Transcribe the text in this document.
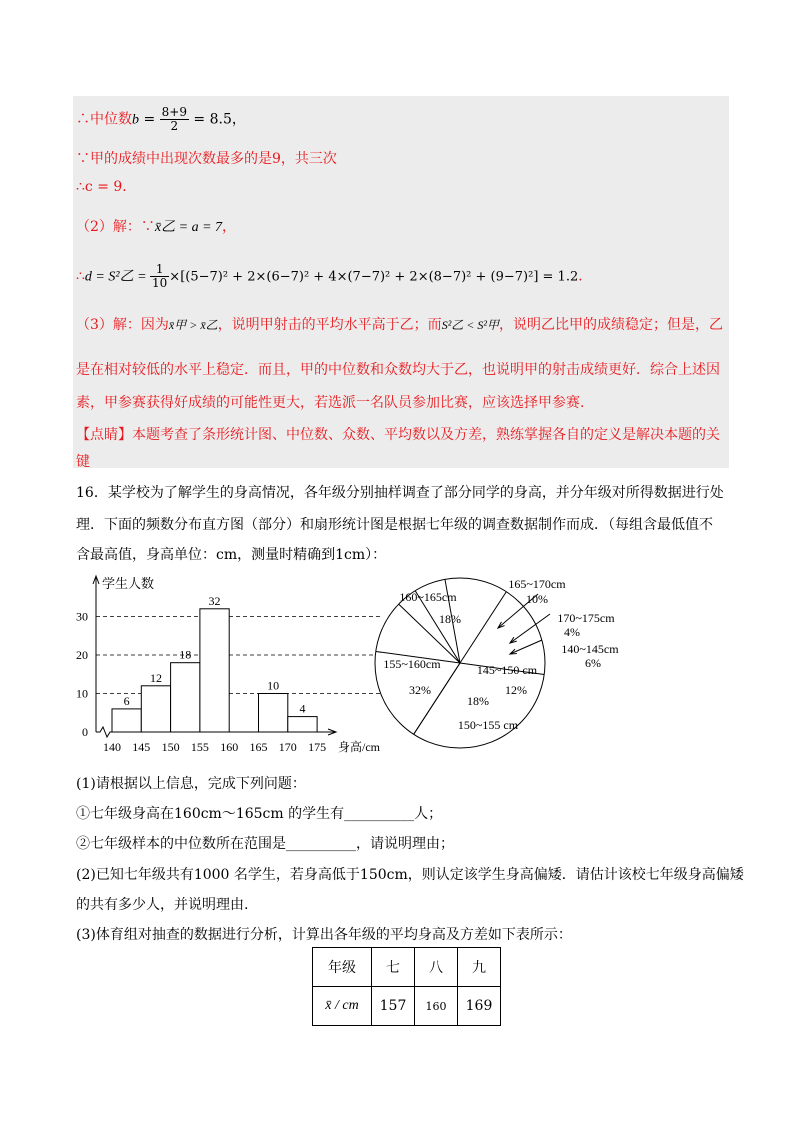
∴中位数$b = \frac{8+9}{2} = 8.5$，
∵甲的成绩中出现次数最多的是9，共三次
∴c = 9．
（2）解：∵x̄乙 = a = 7，
∴d = S²乙 = $\frac{1}{10} \times[(5-7)^2 + 2\times(6-7)^2 + 4\times(7-7)^2 + 2\times(8-7)^2 + (9-7)^2] = 1.2$．
（3）解：因为x̄甲 > x̄乙，说明甲射击的平均水平高于乙；而S²乙 < S²甲，说明乙比甲的成绩稳定；但是，乙
是在相对较低的水平上稳定．而且，甲的中位数和众数均大于乙，也说明甲的射击成绩更好．综合上述因
素，甲参赛获得好成绩的可能性更大，若选派一名队员参加比赛，应该选择甲参赛.
【点睛】本题考查了条形统计图、中位数、众数、平均数以及方差，熟练掌握各自的定义是解决本题的关
键
16．某学校为了解学生的身高情况，各年级分别抽样调查了部分同学的身高，并分年级对所得数据进行处
理．下面的频数分布直方图（部分）和扇形统计图是根据七年级的调查数据制作而成．（每组含最低值不
含最高值，身高单位：cm，测量时精确到1cm）：
0
10
20
30
140 145 150 155 160 165 170 175
学生人数
身高/cm
6
12
18
32
10
4
160~165cm
18%
155~160cm
32%
165~170cm
10%
170~175cm
4%
140~145cm
6%
145~150 cm
12%
150~155 cm
18%
(1)请根据以上信息，完成下列问题：
①七年级身高在160cm～165cm 的学生有__________人；
②七年级样本的中位数所在范围是__________，请说明理由；
(2)已知七年级共有1000 名学生，若身高低于150cm，则认定该学生身高偏矮．请估计该校七年级身高偏矮
的共有多少人，并说明理由.
(3)体育组对抽查的数据进行分析，计算出各年级的平均身高及方差如下表所示：
年级	七	八	九
x̄ / cm	157	160	169
